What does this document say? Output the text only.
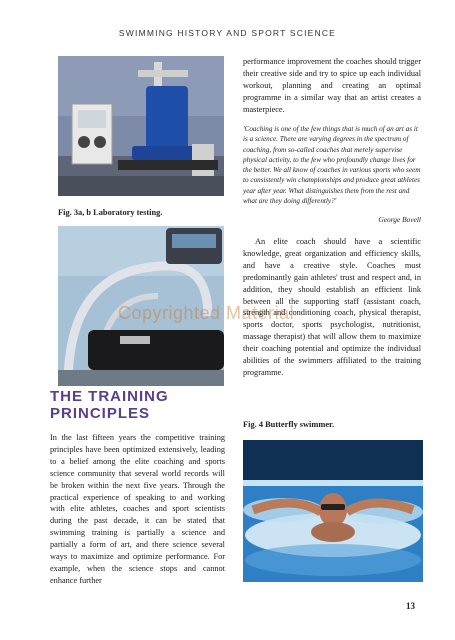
SWIMMING HISTORY AND SPORT SCIENCE
Fig. 3a, b Laboratory testing.
Copyrighted Material
performance improvement the coaches should trigger their creative side and try to spice up each individual workout, planning and creating an optimal programme in a similar way that an artist creates a masterpiece.
'Coaching is one of the few things that is much of an art as it is a science. There are varying degrees in the spectrum of coaching, from so-called coaches that merely supervise physical activity, to the few who profoundly change lives for the better. We all know of coaches in various sports who seem to consistently win championships and produce great athletes year after year. What distinguishes them from the rest and what are they doing differently?'
George Bovell
An elite coach should have a scientific knowledge, great organization and efficiency skills, and have a creative style. Coaches must predominantly gain athletes' trust and respect and, in addition, they should establish an efficient link between all the supporting staff (assistant coach, strength and conditioning coach, physical therapist, sports doctor, sports psychologist, nutritionist, massage therapist) that will allow them to maximize their coaching potential and optimize the individual abilities of the swimmers affiliated to the training programme.
THE TRAINING PRINCIPLES
In the last fifteen years the competitive training principles have been optimized extensively, leading to a belief among the elite coaching and sports science community that several world records will be broken within the next five years. Through the practical experience of speaking to and working with elite athletes, coaches and sport scientists during the past decade, it can be stated that swimming training is partially a science and partially a form of art, and there science several ways to maximize and optimize performance. For example, when the science stops and cannot enhance further
Fig. 4 Butterfly swimmer.
13
